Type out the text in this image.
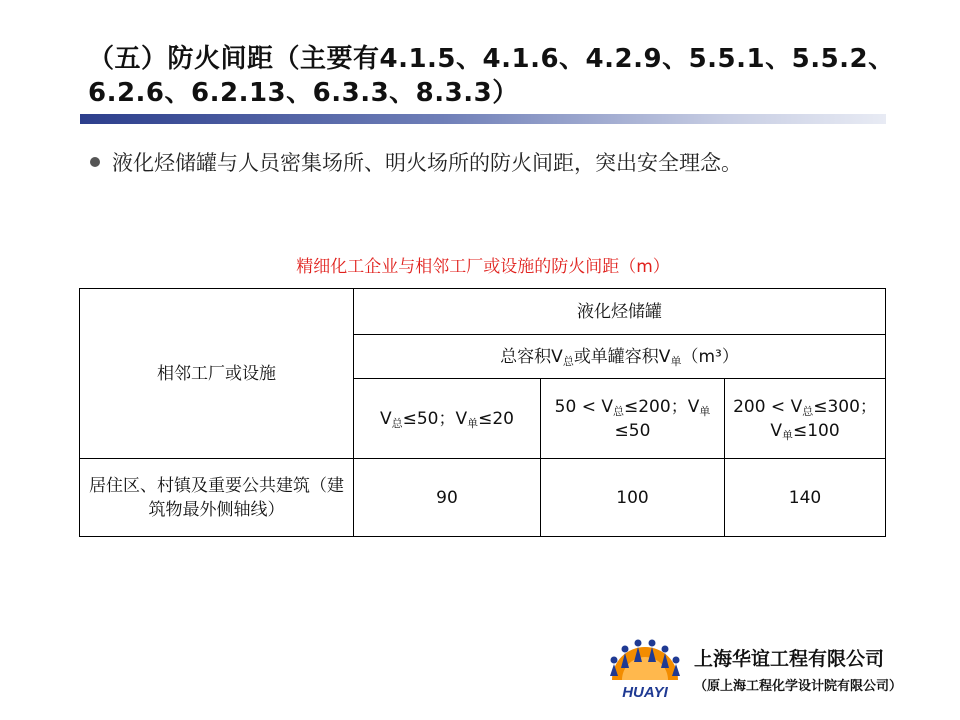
（五）防火间距（主要有4.1.5、4.1.6、4.2.9、5.5.1、5.5.2、6.2.6、6.2.13、6.3.3、8.3.3）
液化烃储罐与人员密集场所、明火场所的防火间距，突出安全理念。
精细化工企业与相邻工厂或设施的防火间距（m）
相邻工厂或设施	液化烃储罐		
	总容积$V_总$或单罐容积$V_单(m^3)$		
	$V_总\le 50$；$V_单\le 20$	$50 < V_总\le 200$；$V_单\le 50$	$200 < V_总\le 300$；$V_单\le 100$
居住区、村镇及重要公共建筑（建筑物最外侧轴线）	90	100	140
HUAYI
上海华谊工程有限公司
（原上海工程化学设计院有限公司）
